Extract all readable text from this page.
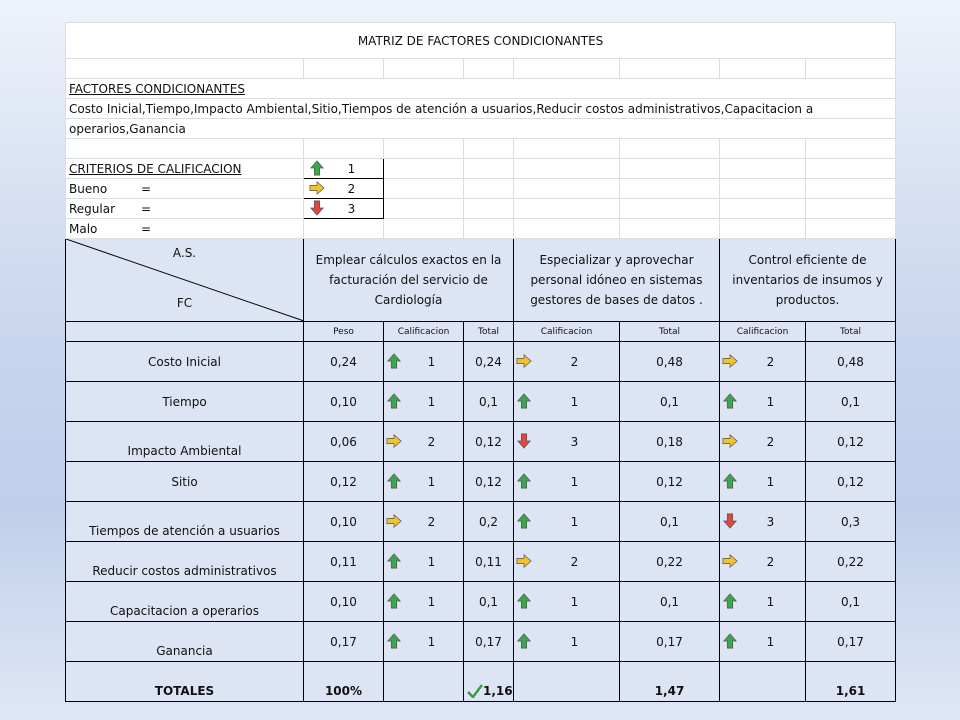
MATRIZ DE FACTORES CONDICIONANTES							

FACTORES CONDICIONANTES							
Costo Inicial,Tiempo,Impacto Ambiental,Sitio,Tiempos de atención a usuarios,Reducir costos administrativos,Capacitacion a							
operarios,Ganancia							

CRITERIOS DE CALIFICACION	1						

Bueno =	2						

Regular =	3						

Malo =							

A.S.
FC	Emplear cálculos exactos en la facturación del servicio de Cardiología			Especializar y aprovechar personal idóneo en sistemas gestores de bases de datos .		Control eficiente de inventarios de insumos y productos.	
	Peso	Calificacion	Total	Calificacion	Total	Calificacion	Total
Costo Inicial	0,24	1	0,24	2	0,48	2	0,48
Tiempo	0,10	1	0,1	1	0,1	1	0,1
Impacto Ambiental	0,06	2	0,12	3	0,18	2	0,12
Sitio	0,12	1	0,12	1	0,12	1	0,12
Tiempos de atención a usuarios	0,10	2	0,2	1	0,1	3	0,3
Reducir costos administrativos	0,11	1	0,11	2	0,22	2	0,22
Capacitacion a operarios	0,10	1	0,1	1	0,1	1	0,1
Ganancia	0,17	1	0,17	1	0,17	1	0,17
TOTALES	100%		1,16		1,47		1,61
